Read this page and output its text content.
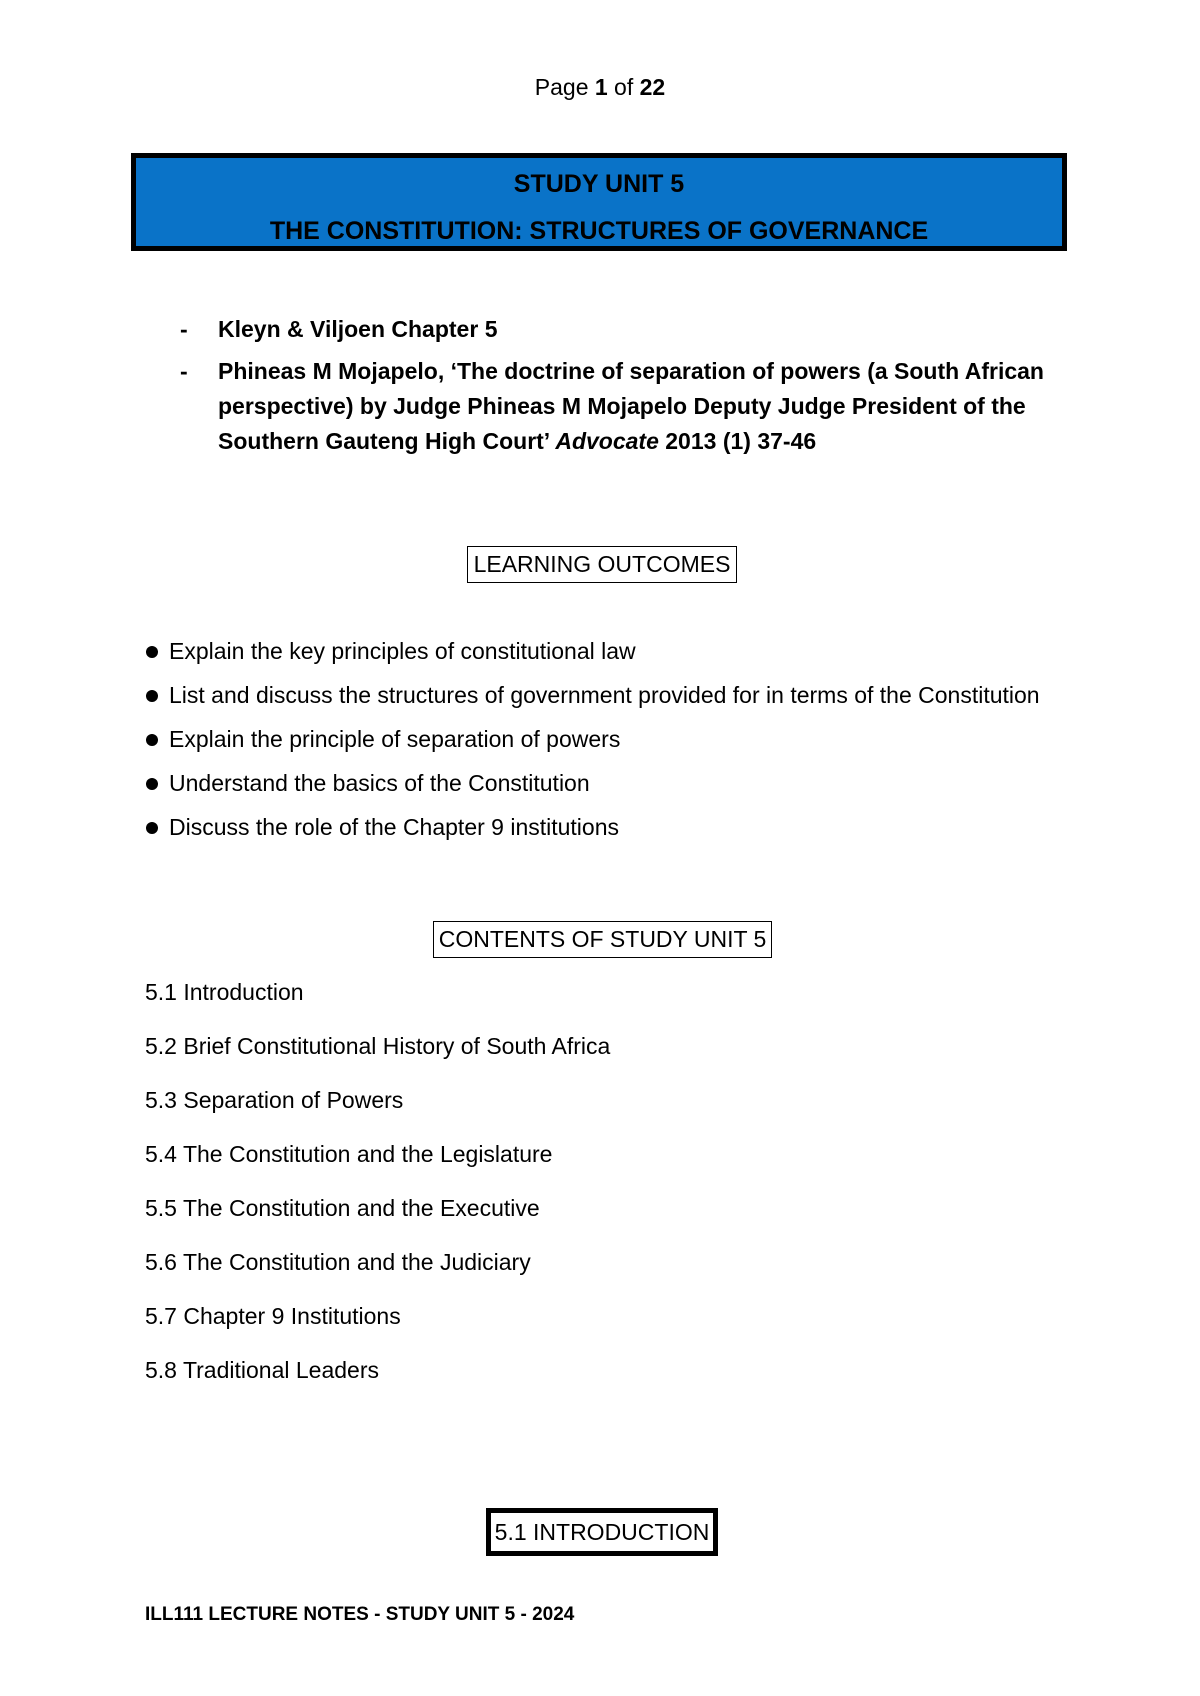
Page 1 of 22
STUDY UNIT 5
THE CONSTITUTION: STRUCTURES OF GOVERNANCE
- Kleyn & Viljoen Chapter 5
- Phineas M Mojapelo, ‘The doctrine of separation of powers (a South African perspective) by Judge Phineas M Mojapelo Deputy Judge President of the Southern Gauteng High Court’ Advocate 2013 (1) 37-46
LEARNING OUTCOMES
Explain the key principles of constitutional law
List and discuss the structures of government provided for in terms of the Constitution
Explain the principle of separation of powers
Understand the basics of the Constitution
Discuss the role of the Chapter 9 institutions
CONTENTS OF STUDY UNIT 5
5.1 Introduction
5.2 Brief Constitutional History of South Africa
5.3 Separation of Powers
5.4 The Constitution and the Legislature
5.5 The Constitution and the Executive
5.6 The Constitution and the Judiciary
5.7 Chapter 9 Institutions
5.8 Traditional Leaders
5.1 INTRODUCTION
ILL111 LECTURE NOTES - STUDY UNIT 5 - 2024
